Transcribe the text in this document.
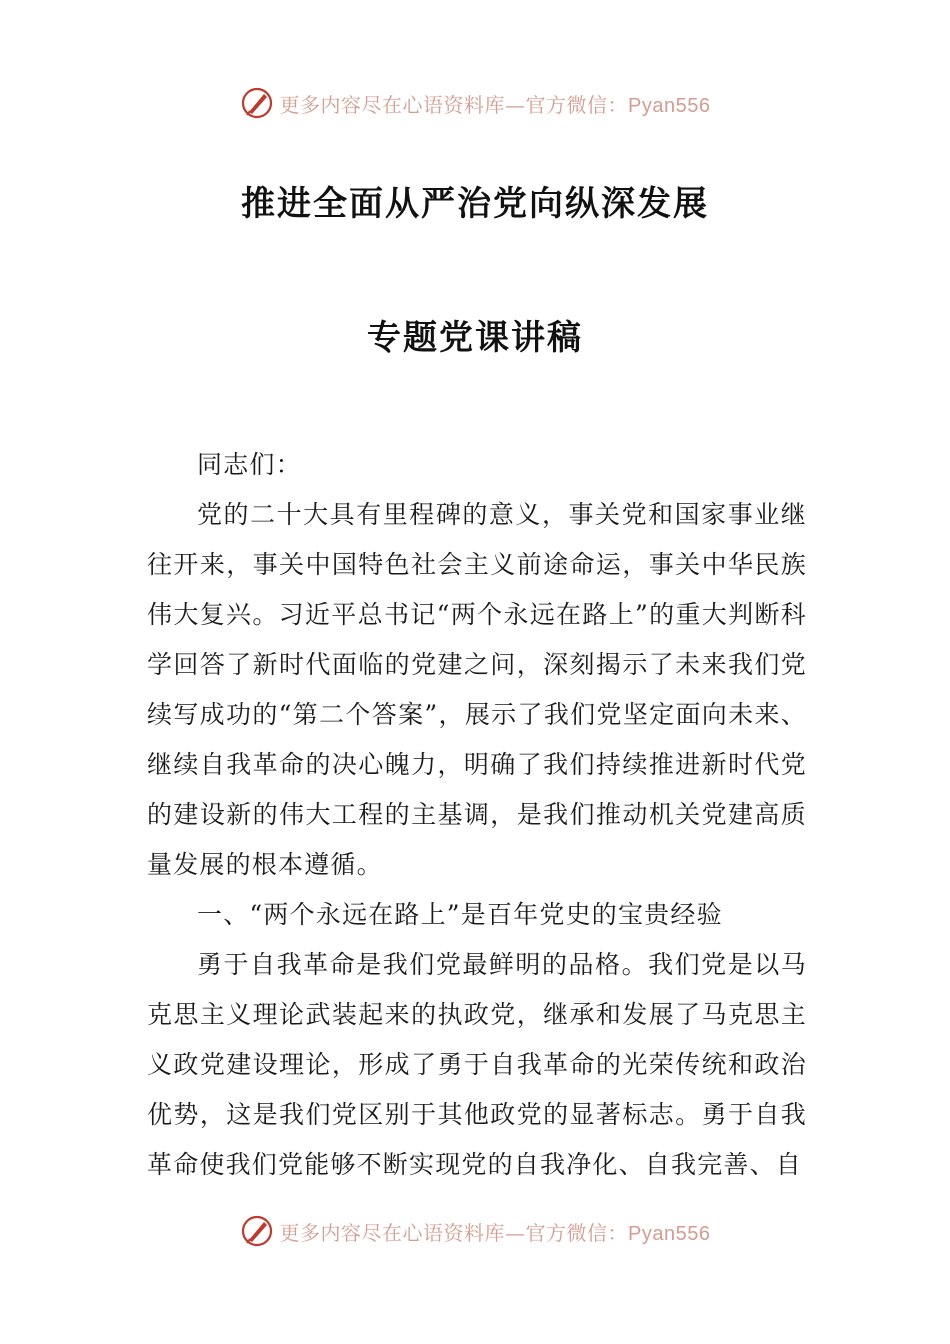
更多内容尽在心语资料库—官方微信：Pyan556
推进全面从严治党向纵深发展
专题党课讲稿

同志们：

党的二十大具有里程碑的意义，事关党和国家事业继往开来，事关中国特色社会主义前途命运，事关中华民族伟大复兴。习近平总书记“两个永远在路上”的重大判断科学回答了新时代面临的党建之问，深刻揭示了未来我们党续写成功的“第二个答案”，展示了我们党坚定面向未来、继续自我革命的决心魄力，明确了我们持续推进新时代党的建设新的伟大工程的主基调，是我们推动机关党建高质量发展的根本遵循。

一、“两个永远在路上”是百年党史的宝贵经验

勇于自我革命是我们党最鲜明的品格。我们党是以马克思主义理论武装起来的执政党，继承和发展了马克思主义政党建设理论，形成了勇于自我革命的光荣传统和政治优势，这是我们党区别于其他政党的显著标志。勇于自我革命使我们党能够不断实现党的自我净化、自我完善、自

更多内容尽在心语资料库—官方微信：Pyan556
